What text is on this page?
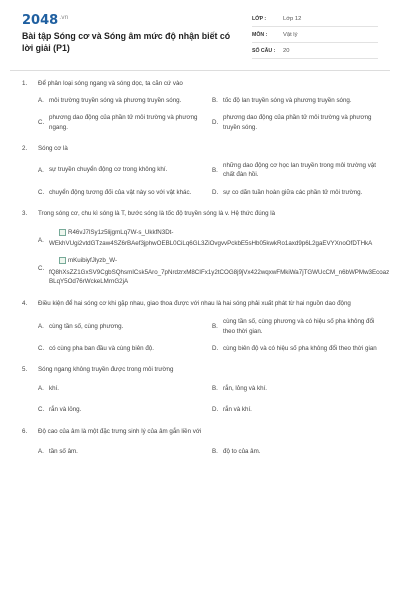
$2048^{.vn}$
Bài tập Sóng cơ và Sóng âm mức độ nhận biết có lời giải (P1)
LỚP :	Lớp 12
MÔN :	Vật lý
SỐ CÂU :	20
1. Để phân loại sóng ngang và sóng dọc, ta căn cứ vào
A. môi trường truyền sóng và phương truyền sóng.	B. tốc độ lan truyền sóng và phương truyền sóng.
C.
phương dao động của phần tử môi trường và phương ngang.
D.
phương dao động của phần tử môi trường và phương truyền sóng.
2. Sóng cơ là
A. sự truyền chuyển động cơ trong không khí.	B.
những dao động cơ học lan truyền trong môi trường vật chất đàn hồi.
C. chuyển động tương đối của vật này so với vật khác.	D. sự co dãn tuần hoàn giữa các phần tử môi trường.
3. Trong sóng cơ, chu kì sóng là T, bước sóng là tốc độ truyền sóng là v. Hệ thức đúng là
A.
R46vJ7lSy1z5lijgmLq7W-s_UkkfN3Dt-
WEkhVUgi2vtdGTzaw4SZ6rBAef3jphwOEBL0CiLq6GL3ZiOvgvvPckbE5sHb05kwkRo1axd9p6L2gaEVYXnoOfDTHkA
C.
mKuibiyfJlyzb_W-
fQ8hXsZZ1GxSV9CgbSQhsmICsk5Aro_7pNrdzrxM8CIFx1y2tCOG8j9jVx422wqxwFMkiWa7jTGWUcCM_n6bWPMw3EcoazBLqY5Od76rWckeLMrnG2jA
4. Điều kiện để hai sóng cơ khi gặp nhau, giao thoa được với nhau là hai sóng phải xuất phát từ hai nguồn dao động
A. cùng tần số, cùng phương.	B.
cùng tần số, cùng phương và có hiệu số pha không đổi theo thời gian.
C. có cùng pha ban đầu và cùng biên độ.	D. cùng biên độ và có hiệu số pha không đổi theo thời gian
5. Sóng ngang không truyền được trong môi trường
A. khí.	B. rắn, lỏng và khí.
C. rắn và lỏng.	D. rắn và khí.
6. Độ cao của âm là một đặc trưng sinh lý của âm gắn liền với
A. tần số âm.	B. độ to của âm.
